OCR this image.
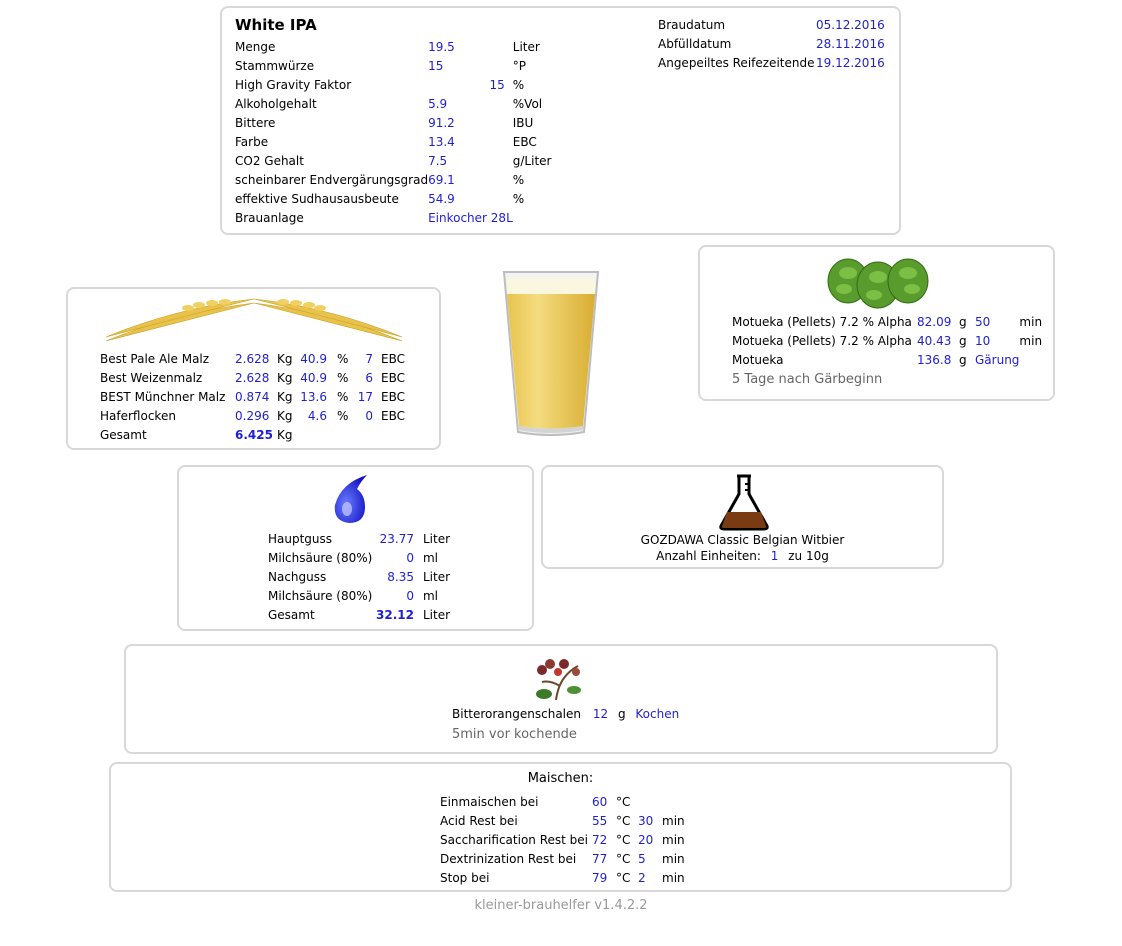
White IPA
Menge	19.5	Liter
Stammwürze	15	°P
High Gravity Faktor	15	%
Alkoholgehalt	5.9	%Vol
Bittere	91.2	IBU
Farbe	13.4	EBC
CO2 Gehalt	7.5	g/Liter
scheinbarer Endvergärungsgrad	69.1	%
effektive Sudhausausbeute	54.9	%
Brauanlage	Einkocher 28L	
Braudatum	05.12.2016
Abfülldatum	28.11.2016
Angepeiltes Reifezeitende	19.12.2016
Best Pale Ale Malz	2.628	Kg	40.9	%	7	EBC
Best Weizenmalz	2.628	Kg	40.9	%	6	EBC
BEST Münchner Malz	0.874	Kg	13.6	%	17	EBC
Haferflocken	0.296	Kg	4.6	%	0	EBC
Gesamt	6.425	Kg				
Motueka (Pellets) 7.2 % Alpha	82.09	g	50	min
Motueka (Pellets) 7.2 % Alpha	40.43	g	10	min
Motueka	136.8	g	Gärung	
5 Tage nach Gärbeginn
Hauptguss	23.77	Liter
Milchsäure (80%)	0	ml
Nachguss	8.35	Liter
Milchsäure (80%)	0	ml
Gesamt	32.12	Liter
GOZDAWA Classic Belgian Witbier
Anzahl Einheiten: 1 zu 10g
Bitterorangenschalen 12 g Kochen
5min vor kochende
Maischen:
Einmaischen bei	60	°C		
Acid Rest bei	55	°C	30	min
Saccharification Rest bei	72	°C	20	min
Dextrinization Rest bei	77	°C	5	min
Stop bei	79	°C	2	min
kleiner-brauhelfer v1.4.2.2
